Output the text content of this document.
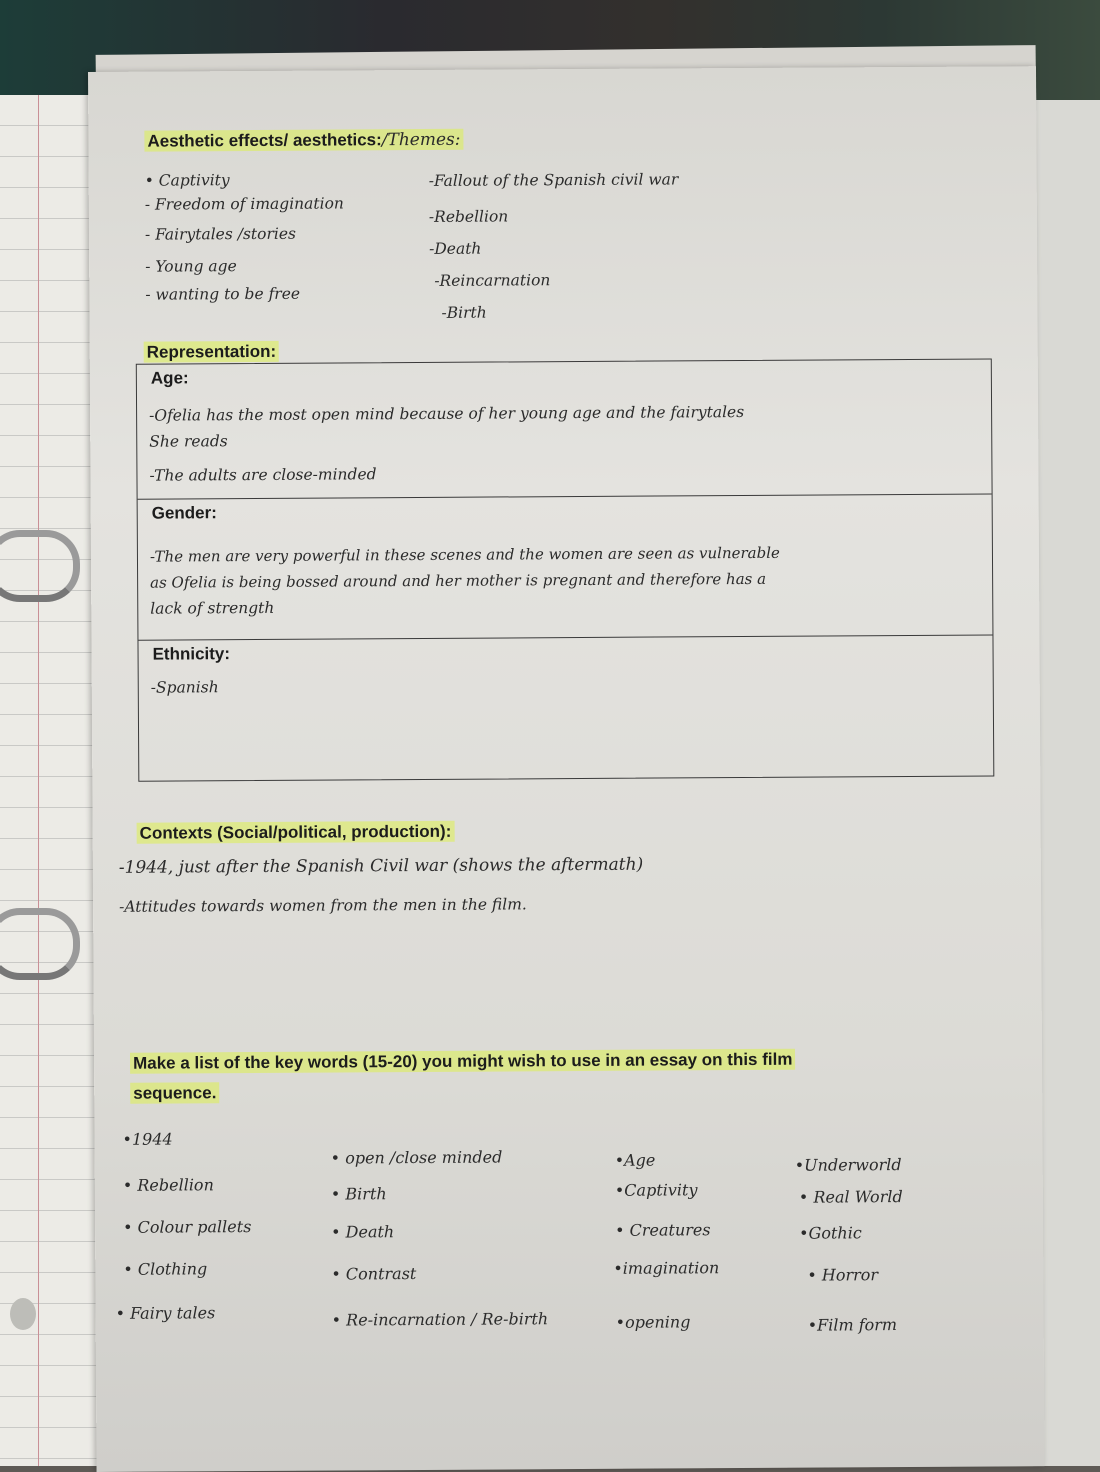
Aesthetic effects/ aesthetics:/Themes:
• Captivity
- Freedom of imagination
- Fairytales /stories
- Young age
- wanting to be free
-Fallout of the Spanish civil war
-Rebellion
-Death
-Reincarnation
-Birth
Representation:
Age:
-Ofelia has the most open mind because of her young age and the fairytales
She reads
-The adults are close-minded
Gender:
-The men are very powerful in these scenes and the women are seen as vulnerable
as Ofelia is being bossed around and her mother is pregnant and therefore has a
lack of strength
Ethnicity:
-Spanish
Contexts (Social/political, production):
-1944, just after the Spanish Civil war (shows the aftermath)
-Attitudes towards women from the men in the film.
Make a list of the key words (15-20) you might wish to use in an essay on this film
sequence.
•1944
• Rebellion
• Colour pallets
• Clothing
• Fairy tales
• open /close minded
• Birth
• Death
• Contrast
• Re-incarnation / Re-birth
•Age
•Captivity
• Creatures
•imagination
•opening
•Underworld
• Real World
•Gothic
• Horror
•Film form
